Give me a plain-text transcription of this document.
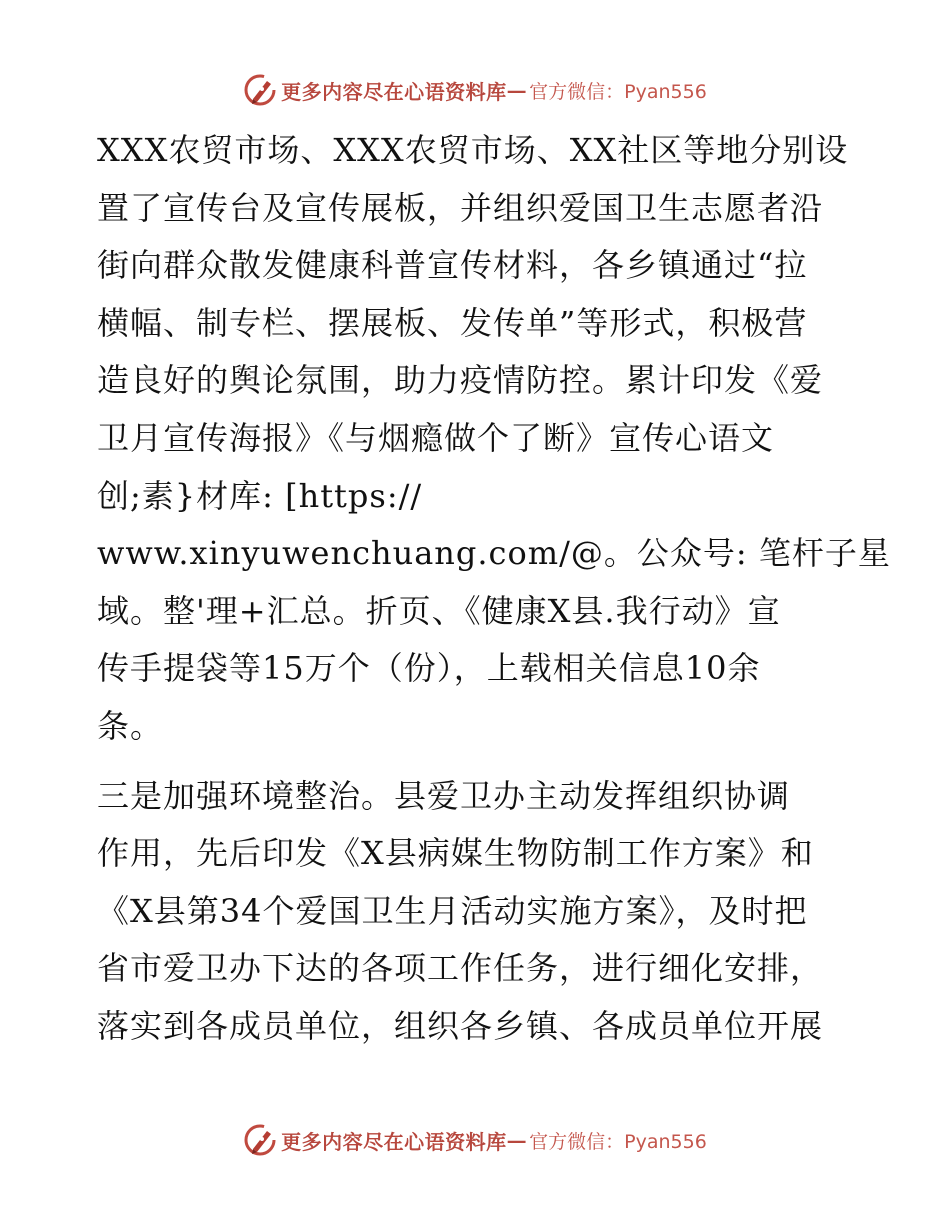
更多内容尽在心语资料库 — 官方微信：Pyan556

XXX农贸市场、XXX农贸市场、XX社区等地分别设
置了宣传台及宣传展板，并组织爱国卫生志愿者沿
街向群众散发健康科普宣传材料，各乡镇通过“拉
横幅、制专栏、摆展板、发传单”等形式，积极营
造良好的舆论氛围，助力疫情防控。累计印发《爱
卫月宣传海报》《与烟瘾做个了断》宣传心语文
创;素}材库: [https://
www.xinyuwenchuang.com/@。公众号: 笔杆子星
域。整'理+汇总。折页、《健康X县.我行动》宣
传手提袋等15万个（份），上载相关信息10余
条。

三是加强环境整治。县爱卫办主动发挥组织协调
作用，先后印发《X县病媒生物防制工作方案》和
《X县第34个爱国卫生月活动实施方案》，及时把
省市爱卫办下达的各项工作任务，进行细化安排，
落实到各成员单位，组织各乡镇、各成员单位开展

更多内容尽在心语资料库 — 官方微信：Pyan556
